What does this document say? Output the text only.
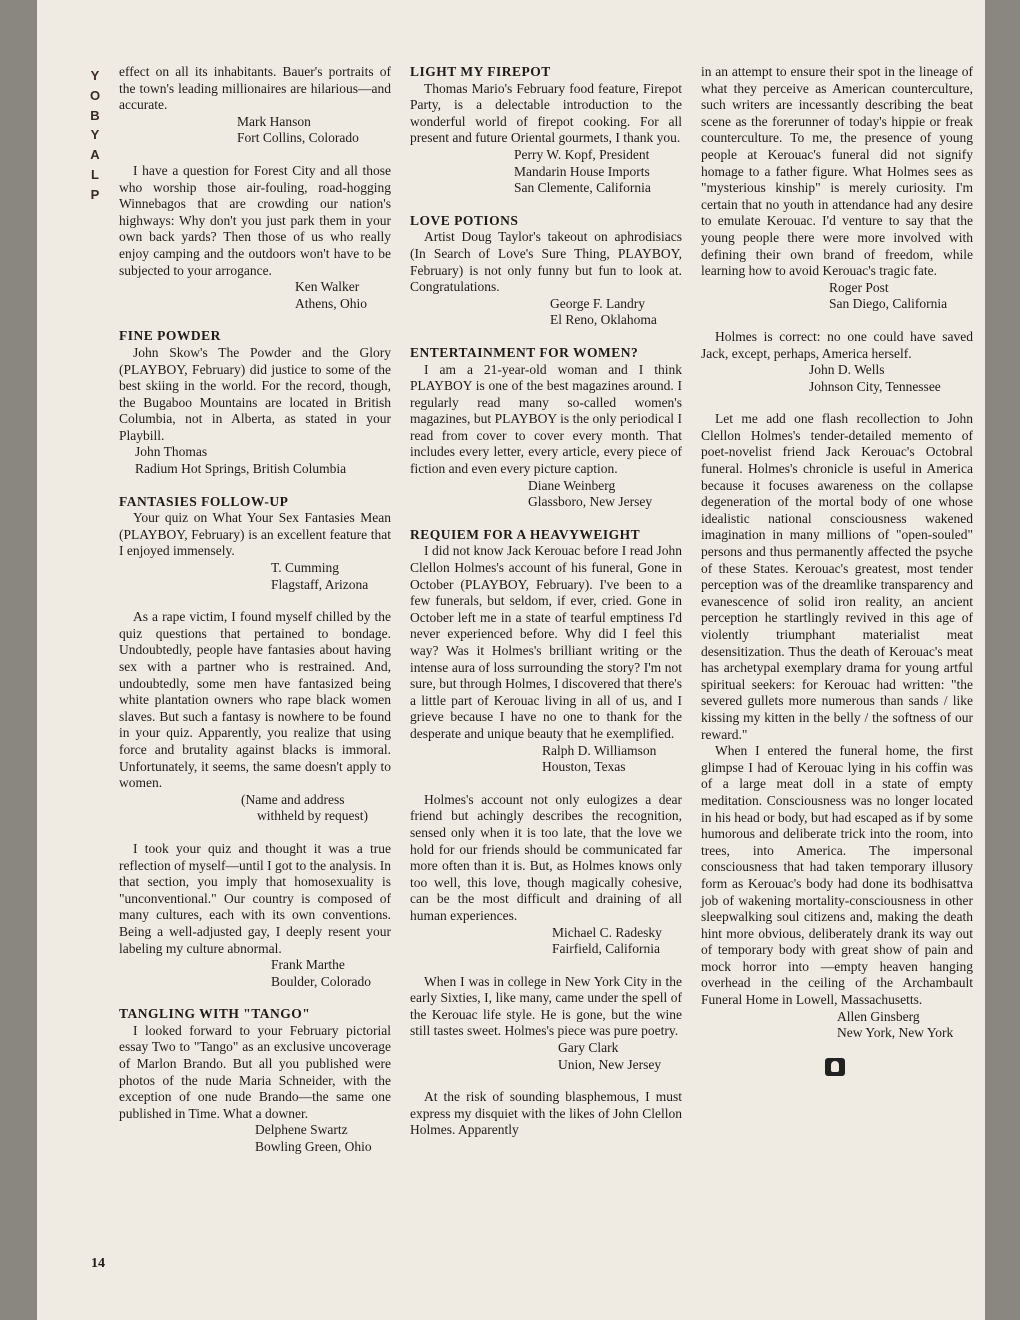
Y
O
B
Y
A
L
P
14

effect on all its inhabitants. Bauer's portraits of the town's leading millionaires are hilarious—and accurate.

Mark Hanson
Fort Collins, Colorado

I have a question for Forest City and all those who worship those air-fouling, road-hogging Winnebagos that are crowding our nation's highways: Why don't you just park them in your own back yards? Then those of us who really enjoy camping and the outdoors won't have to be subjected to your arrogance.

Ken Walker
Athens, Ohio
FINE POWDER

John Skow's The Powder and the Glory (PLAYBOY, February) did justice to some of the best skiing in the world. For the record, though, the Bugaboo Mountains are located in British Columbia, not in Alberta, as stated in your Playbill.

John Thomas
Radium Hot Springs, British Columbia
FANTASIES FOLLOW-UP

Your quiz on What Your Sex Fantasies Mean (PLAYBOY, February) is an excellent feature that I enjoyed immensely.

T. Cumming
Flagstaff, Arizona

As a rape victim, I found myself chilled by the quiz questions that pertained to bondage. Undoubtedly, people have fantasies about having sex with a partner who is restrained. And, undoubtedly, some men have fantasized being white plantation owners who rape black women slaves. But such a fantasy is nowhere to be found in your quiz. Apparently, you realize that using force and brutality against blacks is immoral. Unfortunately, it seems, the same doesn't apply to women.

(Name and address
withheld by request)

I took your quiz and thought it was a true reflection of myself—until I got to the analysis. In that section, you imply that homosexuality is "unconventional." Our country is composed of many cultures, each with its own conventions. Being a well-adjusted gay, I deeply resent your labeling my culture abnormal.

Frank Marthe
Boulder, Colorado
TANGLING WITH "TANGO"

I looked forward to your February pictorial essay Two to "Tango" as an exclusive uncoverage of Marlon Brando. But all you published were photos of the nude Maria Schneider, with the exception of one nude Brando—the same one published in Time. What a downer.

Delphene Swartz
Bowling Green, Ohio
LIGHT MY FIREPOT

Thomas Mario's February food feature, Firepot Party, is a delectable introduction to the wonderful world of firepot cooking. For all present and future Oriental gourmets, I thank you.

Perry W. Kopf, President
Mandarin House Imports
San Clemente, California
LOVE POTIONS

Artist Doug Taylor's takeout on aphrodisiacs (In Search of Love's Sure Thing, PLAYBOY, February) is not only funny but fun to look at. Congratulations.

George F. Landry
El Reno, Oklahoma
ENTERTAINMENT FOR WOMEN?

I am a 21-year-old woman and I think PLAYBOY is one of the best magazines around. I regularly read many so-called women's magazines, but PLAYBOY is the only periodical I read from cover to cover every month. That includes every letter, every article, every piece of fiction and even every picture caption.

Diane Weinberg
Glassboro, New Jersey
REQUIEM FOR A HEAVYWEIGHT

I did not know Jack Kerouac before I read John Clellon Holmes's account of his funeral, Gone in October (PLAYBOY, February). I've been to a few funerals, but seldom, if ever, cried. Gone in October left me in a state of tearful emptiness I'd never experienced before. Why did I feel this way? Was it Holmes's brilliant writing or the intense aura of loss surrounding the story? I'm not sure, but through Holmes, I discovered that there's a little part of Kerouac living in all of us, and I grieve because I have no one to thank for the desperate and unique beauty that he exemplified.

Ralph D. Williamson
Houston, Texas

Holmes's account not only eulogizes a dear friend but achingly describes the recognition, sensed only when it is too late, that the love we hold for our friends should be communicated far more often than it is. But, as Holmes knows only too well, this love, though magically cohesive, can be the most difficult and draining of all human experiences.

Michael C. Radesky
Fairfield, California

When I was in college in New York City in the early Sixties, I, like many, came under the spell of the Kerouac life style. He is gone, but the wine still tastes sweet. Holmes's piece was pure poetry.

Gary Clark
Union, New Jersey

At the risk of sounding blasphemous, I must express my disquiet with the likes of John Clellon Holmes. Apparently

in an attempt to ensure their spot in the lineage of what they perceive as American counterculture, such writers are incessantly describing the beat scene as the forerunner of today's hippie or freak counterculture. To me, the presence of young people at Kerouac's funeral did not signify homage to a father figure. What Holmes sees as "mysterious kinship" is merely curiosity. I'm certain that no youth in attendance had any desire to emulate Kerouac. I'd venture to say that the young people there were more involved with defining their own brand of freedom, while learning how to avoid Kerouac's tragic fate.

Roger Post
San Diego, California

Holmes is correct: no one could have saved Jack, except, perhaps, America herself.

John D. Wells
Johnson City, Tennessee

Let me add one flash recollection to John Clellon Holmes's tender-detailed memento of poet-novelist friend Jack Kerouac's Octobral funeral. Holmes's chronicle is useful in America because it focuses awareness on the collapse degeneration of the mortal body of one whose idealistic national consciousness wakened imagination in many millions of "open-souled" persons and thus permanently affected the psyche of these States. Kerouac's greatest, most tender perception was of the dreamlike transparency and evanescence of solid iron reality, an ancient perception he startlingly revived in this age of violently triumphant materialist meat desensitization. Thus the death of Kerouac's meat has archetypal exemplary drama for young artful spiritual seekers: for Kerouac had written: "the severed gullets more numerous than sands / like kissing my kitten in the belly / the softness of our reward."

When I entered the funeral home, the first glimpse I had of Kerouac lying in his coffin was of a large meat doll in a state of empty meditation. Consciousness was no longer located in his head or body, but had escaped as if by some humorous and deliberate trick into the room, into trees, into America. The impersonal consciousness that had taken temporary illusory form as Kerouac's body had done its bodhisattva job of wakening mortality-consciousness in other sleepwalking soul citizens and, making the death hint more obvious, deliberately drank its way out of temporary body with great show of pain and mock horror into —empty heaven hanging overhead in the ceiling of the Archambault Funeral Home in Lowell, Massachusetts.

Allen Ginsberg
New York, New York
